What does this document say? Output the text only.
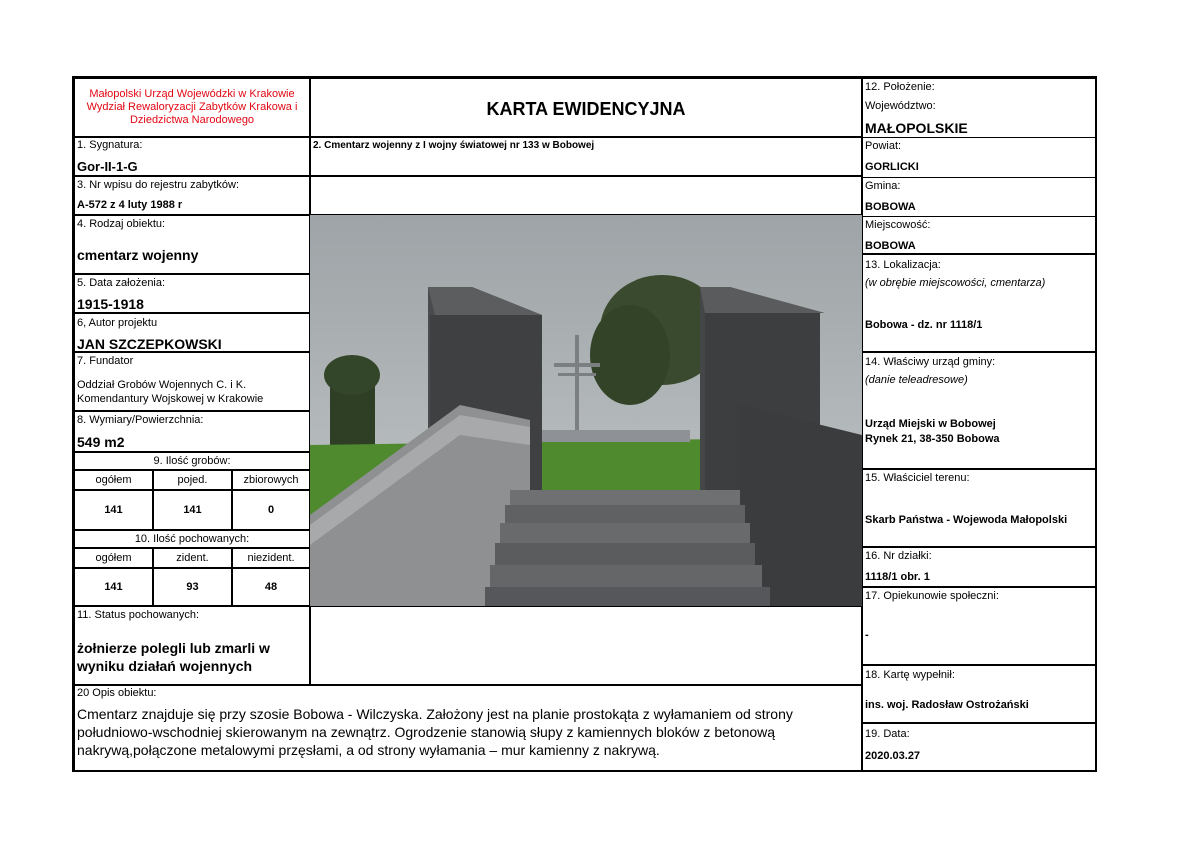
Małopolski Urząd Wojewódzki w Krakowie
Wydział Rewaloryzacji Zabytków Krakowa i
Dziedzictwa Narodowego
1. Sygnatura:
Gor-II-1-G
3. Nr wpisu do rejestru zabytków:
A-572 z 4 luty 1988 r
4. Rodzaj obiektu:
cmentarz wojenny
5. Data założenia:
1915-1918
6, Autor projektu
JAN SZCZEPKOWSKI
7. Fundator
Oddział Grobów Wojennych C. i K.
Komendantury Wojskowej w Krakowie
8. Wymiary/Powierzchnia:
549 m2
9. Ilość grobów:
ogółem	pojed.	zbiorowych
141	141	0
10. Ilość pochowanych:
ogółem	zident.	niezident.
141	93	48
11. Status pochowanych:
żołnierze polegli lub zmarli w
wyniku działań wojennych
KARTA EWIDENCYJNA
2. Cmentarz wojenny z I wojny światowej nr 133 w Bobowej
12. Położenie:
Województwo:
MAŁOPOLSKIE
Powiat:
GORLICKI
Gmina:
BOBOWA
Miejscowość:
BOBOWA
13. Lokalizacja:
(w obrębie miejscowości, cmentarza)
Bobowa - dz. nr 1118/1
14. Właściwy urząd gminy:
(danie teleadresowe)
Urząd Miejski w Bobowej
Rynek 21, 38-350 Bobowa
15. Właściciel terenu:
Skarb Państwa - Wojewoda Małopolski
16. Nr działki:
1118/1 obr. 1
17. Opiekunowie społeczni:
-
18. Kartę wypełnił:
ins. woj. Radosław Ostrożański
19. Data:
2020.03.27
20 Opis obiektu:
Cmentarz znajduje się przy szosie Bobowa - Wilczyska. Założony jest na planie prostokąta z wyłamaniem od strony
południowo-wschodniej skierowanym na zewnątrz. Ogrodzenie stanowią słupy z kamiennych bloków z betonową
nakrywą,połączone metalowymi przęsłami, a od strony wyłamania – mur kamienny z nakrywą.
